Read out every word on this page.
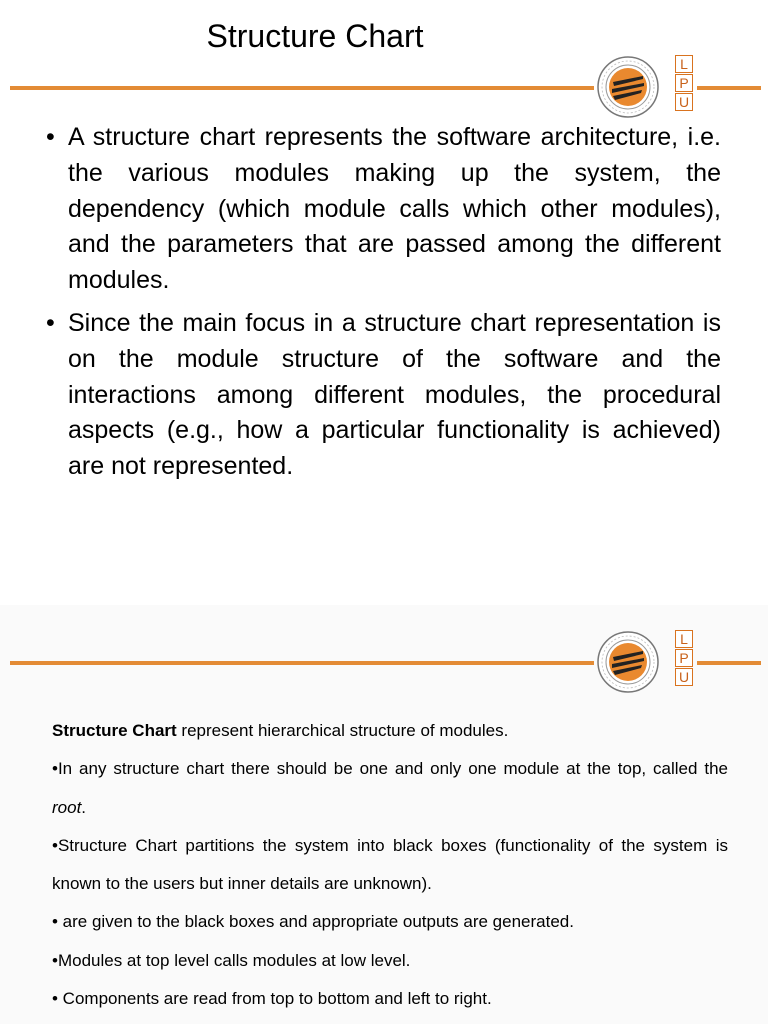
Structure Chart
L
P
U
• A structure chart represents the software architecture, i.e. the various modules making up the system, the dependency (which module calls which other modules), and the parameters that are passed among the different modules.
• Since the main focus in a structure chart representation is on the module structure of the software and the interactions among different modules, the procedural aspects (e.g., how a particular functionality is achieved) are not represented.
L
P
U

Structure Chart represent hierarchical structure of modules.

•In any structure chart there should be one and only one module at the top, called the root.

•Structure Chart partitions the system into black boxes (functionality of the system is known to the users but inner details are unknown).

• are given to the black boxes and appropriate outputs are generated.

•Modules at top level calls modules at low level.

• Components are read from top to bottom and left to right.
